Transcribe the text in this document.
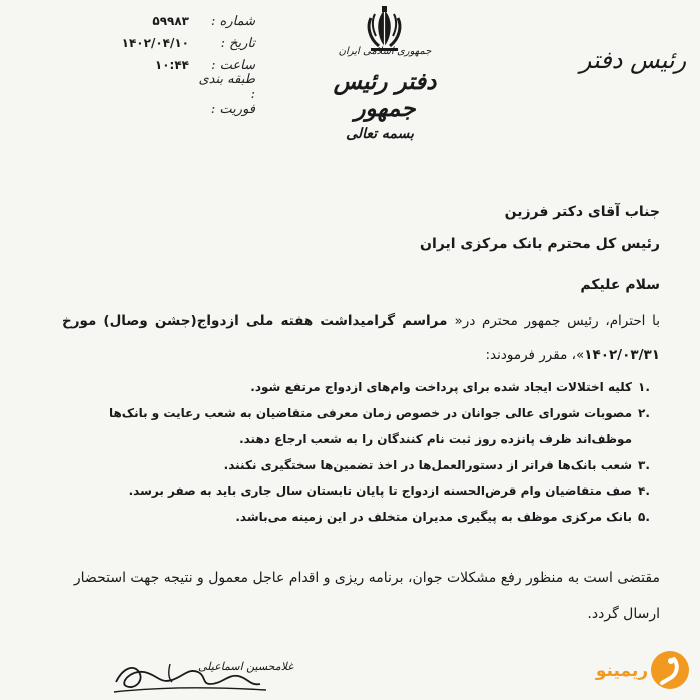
شماره :
۵۹۹۸۳
تاریخ :
۱۴۰۲/۰۴/۱۰
ساعت :
۱۰:۴۴
طبقه بندی :
فوریت :
جمهوری اسلامی ایران
دفتر رئیس جمهور
بسمه تعالی
رئیس دفتر
جناب آقای دکتر فرزین
رئیس کل محترم بانک مرکزی ایران
سلام علیکم
با احترام، رئیس جمهور محترم در« مراسم گرامیداشت هفته ملی ازدواج(جشن وصال) مورخ ۱۴۰۲/۰۳/۳۱»، مقرر فرمودند:
.۱
کلیه اختلالات ایجاد شده برای پرداخت وام‌های ازدواج مرتفع شود.
.۲
مصوبات شورای عالی جوانان در خصوص زمان معرفی متقاضیان به شعب رعایت و بانک‌ها موظف‌اند ظرف پانزده روز ثبت نام کنندگان را به شعب ارجاع دهند.
.۳
شعب بانک‌ها فراتر از دستورالعمل‌ها در اخذ تضمین‌ها سختگیری نکنند.
.۴
صف متقاضیان وام قرض‌الحسنه ازدواج تا پایان تابستان سال جاری باید به صفر برسد.
.۵
بانک مرکزی موظف به پیگیری مدیران متخلف در این زمینه می‌باشد.
مقتضی است به منظور رفع مشکلات جوان، برنامه ریزی و اقدام عاجل معمول و نتیجه جهت استحضار ارسال گردد.
غلامحسین اسماعیلی	ریمینو
